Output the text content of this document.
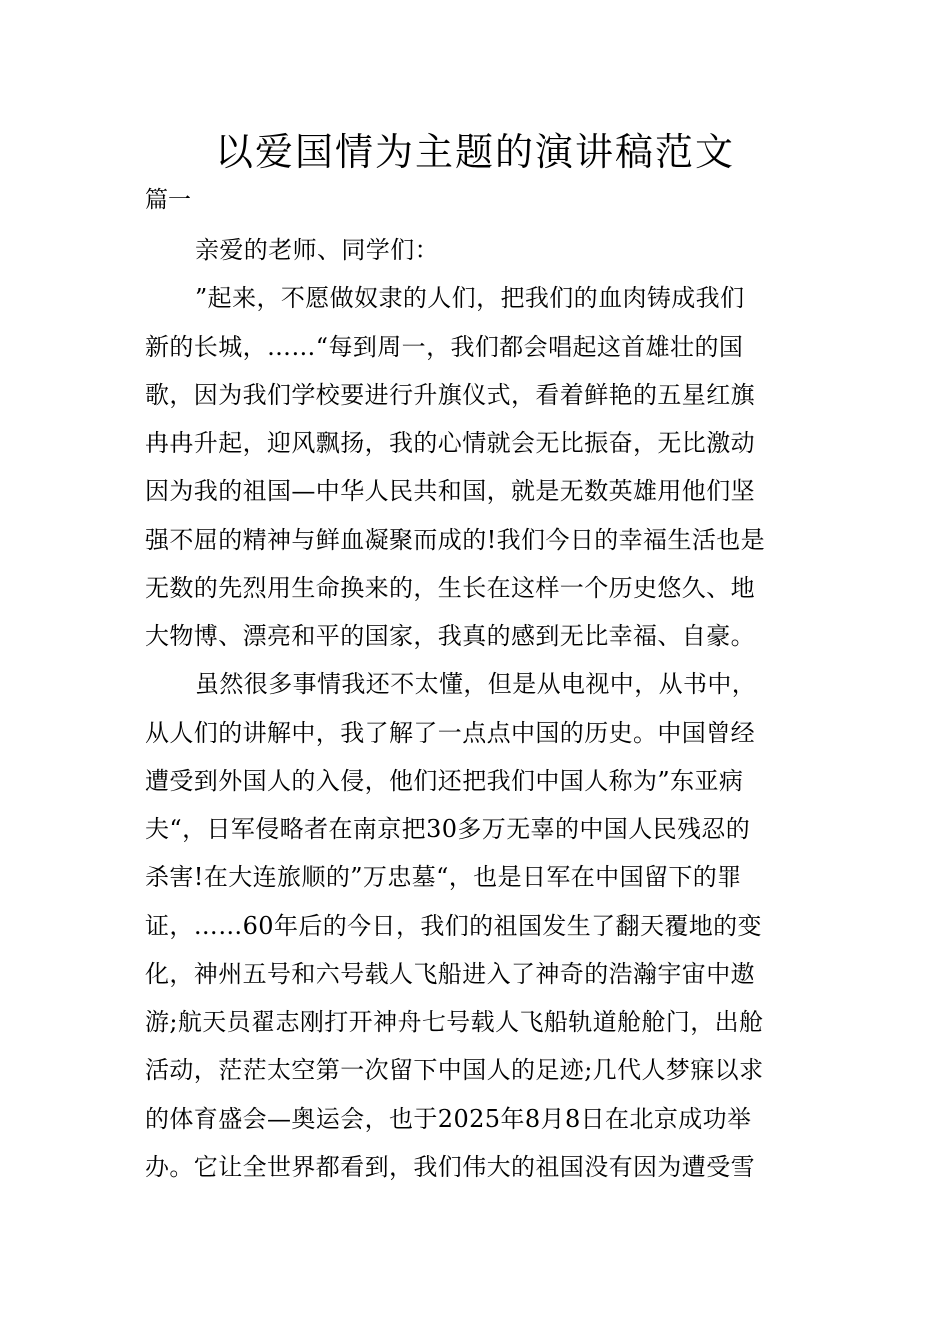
以爱国情为主题的演讲稿范文
篇一
亲爱的老师、同学们：
”起来，不愿做奴隶的人们，把我们的血肉铸成我们
新的长城，……“每到周一，我们都会唱起这首雄壮的国
歌，因为我们学校要进行升旗仪式，看着鲜艳的五星红旗
冉冉升起，迎风飘扬，我的心情就会无比振奋，无比激动
因为我的祖国—中华人民共和国，就是无数英雄用他们坚
强不屈的精神与鲜血凝聚而成的!我们今日的幸福生活也是
无数的先烈用生命换来的，生长在这样一个历史悠久、地
大物博、漂亮和平的国家，我真的感到无比幸福、自豪。
虽然很多事情我还不太懂，但是从电视中，从书中，
从人们的讲解中，我了解了一点点中国的历史。中国曾经
遭受到外国人的入侵，他们还把我们中国人称为”东亚病
夫“，日军侵略者在南京把30多万无辜的中国人民残忍的
杀害!在大连旅顺的”万忠墓“，也是日军在中国留下的罪
证，……60年后的今日，我们的祖国发生了翻天覆地的变
化，神州五号和六号载人飞船进入了神奇的浩瀚宇宙中遨
游;航天员翟志刚打开神舟七号载人飞船轨道舱舱门，出舱
活动，茫茫太空第一次留下中国人的足迹;几代人梦寐以求
的体育盛会—奥运会，也于2025年8月8日在北京成功举
办。它让全世界都看到，我们伟大的祖国没有因为遭受雪
